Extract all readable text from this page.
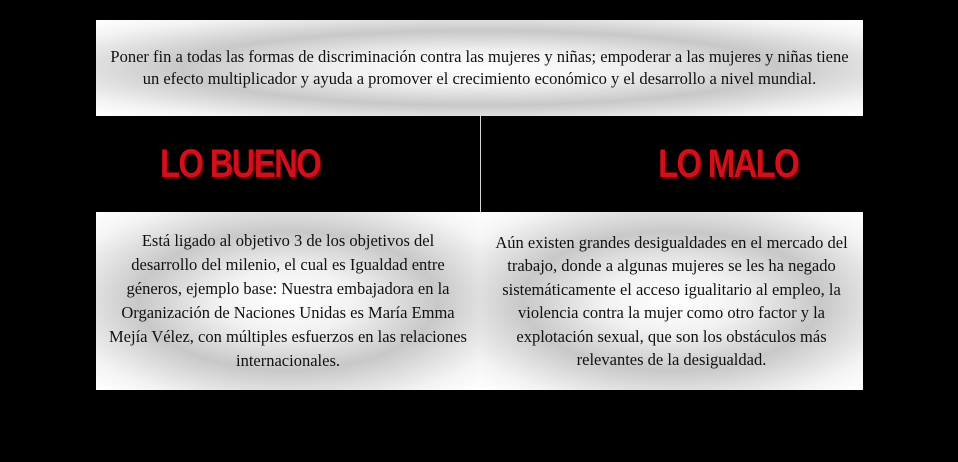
Poner fin a todas las formas de discriminación contra las mujeres y niñas; empoderar a las mujeres y niñas tiene un efecto multiplicador y ayuda a promover el crecimiento económico y el desarrollo a nivel mundial.
LO BUENO	LO MALO
Está ligado al objetivo 3 de los objetivos del desarrollo del milenio, el cual es Igualdad entre géneros, ejemplo base: Nuestra embajadora en la Organización de Naciones Unidas es María Emma Mejía Vélez, con múltiples esfuerzos en las relaciones internacionales.
Aún existen grandes desigualdades en el mercado del trabajo, donde a algunas mujeres se les ha negado sistemáticamente el acceso igualitario al empleo, la violencia contra la mujer como otro factor y la explotación sexual, que son los obstáculos más relevantes de la desigualdad.
